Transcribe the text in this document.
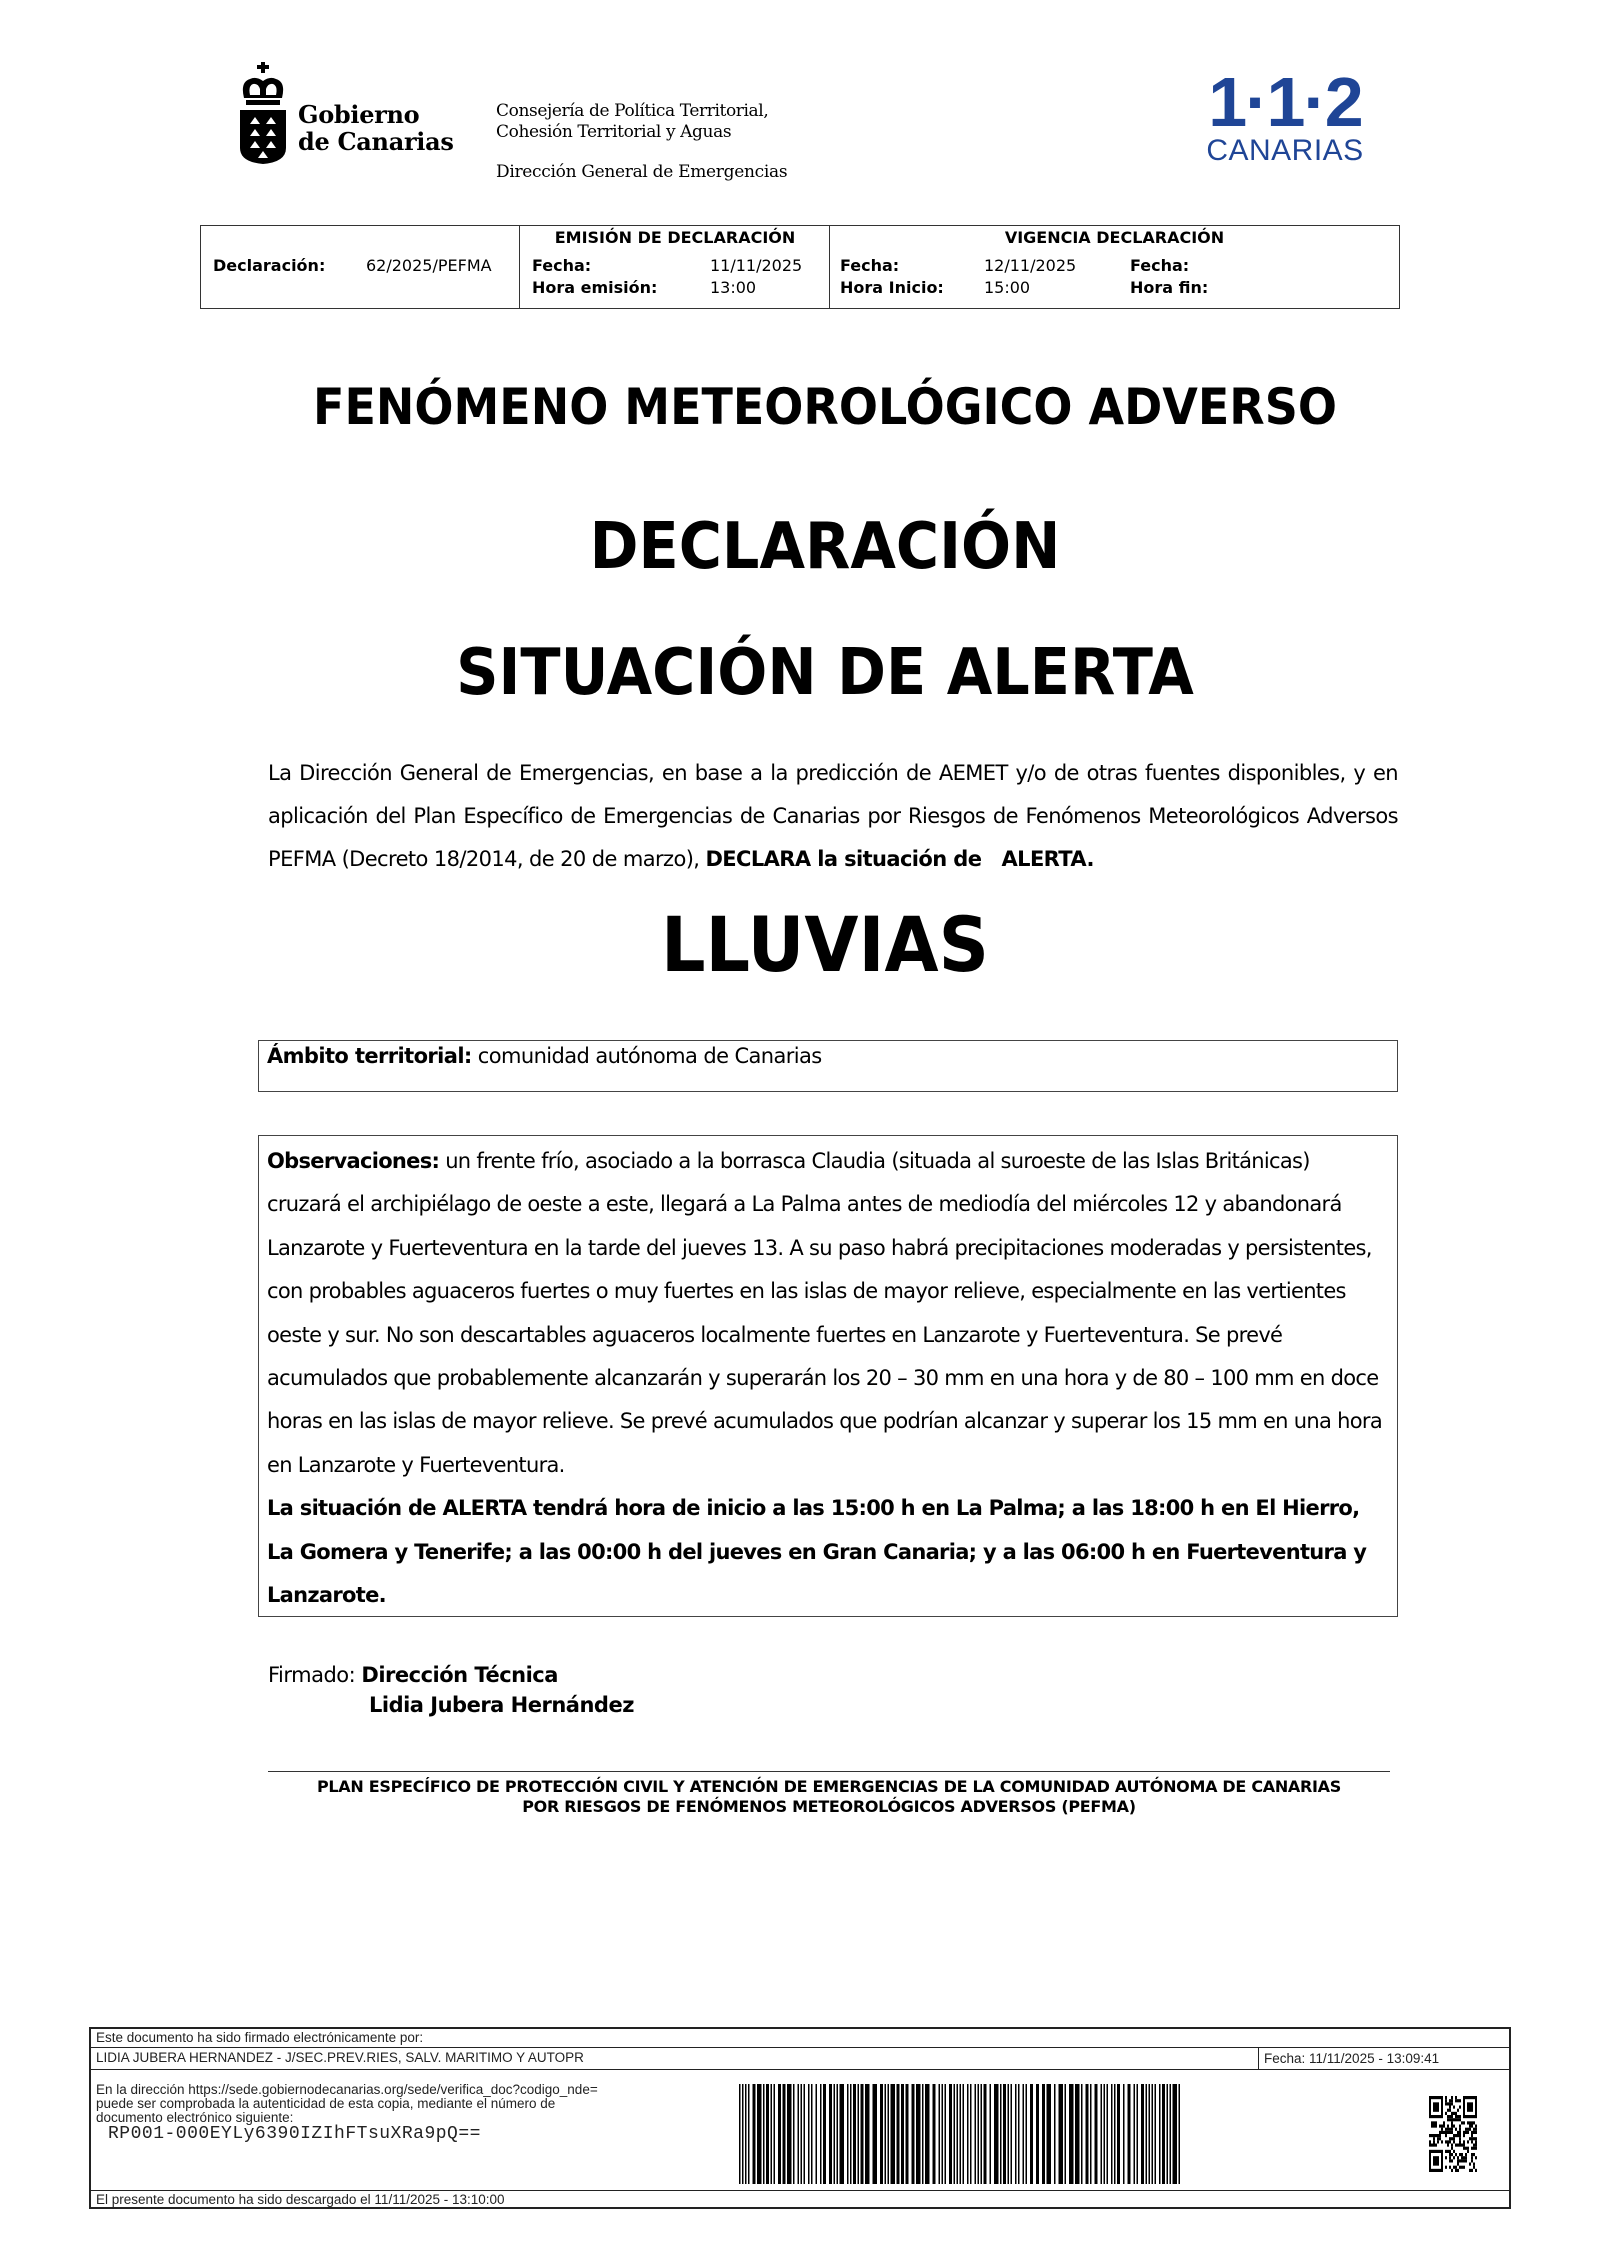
Gobierno
de Canarias
Consejería de Política Territorial,
Cohesión Territorial y Aguas
Dirección General de Emergencias
1·1·2
CANARIAS
Declaración:	62/2025/PEFMA
EMISIÓN DE DECLARACIÓN
Fecha:	11/11/2025
Hora emisión:	13:00
VIGENCIA DECLARACIÓN
Fecha:	12/11/2025
Hora Inicio:	15:00
Fecha:
Hora fin:
FENÓMENO METEOROLÓGICO ADVERSO
DECLARACIÓN
SITUACIÓN DE ALERTA
La Dirección General de Emergencias, en base a la predicción de AEMET y/o de otras fuentes disponibles, y en aplicación del Plan Específico de Emergencias de Canarias por Riesgos de Fenómenos Meteorológicos Adversos PEFMA (Decreto 18/2014, de 20 de marzo), DECLARA la situación de   ALERTA.
LLUVIAS
Ámbito territorial: comunidad autónoma de Canarias
Observaciones: un frente frío, asociado a la borrasca Claudia (situada al suroeste de las Islas Británicas) cruzará el archipiélago de oeste a este, llegará a La Palma antes de mediodía del miércoles 12 y abandonará Lanzarote y Fuerteventura en la tarde del jueves 13. A su paso habrá precipitaciones moderadas y persistentes, con probables aguaceros fuertes o muy fuertes en las islas de mayor relieve, especialmente en las vertientes oeste y sur. No son descartables aguaceros localmente fuertes en Lanzarote y Fuerteventura. Se prevé acumulados que probablemente alcanzarán y superarán los 20 – 30 mm en una hora y de 80 – 100 mm en doce horas en las islas de mayor relieve. Se prevé acumulados que podrían alcanzar y superar los 15 mm en una hora en Lanzarote y Fuerteventura.
La situación de ALERTA tendrá hora de inicio a las 15:00 h en La Palma; a las 18:00 h en El Hierro, La Gomera y Tenerife; a las 00:00 h del jueves en Gran Canaria; y a las 06:00 h en Fuerteventura y Lanzarote.
Firmado: Dirección Técnica
Lidia Jubera Hernández
PLAN ESPECÍFICO DE PROTECCIÓN CIVIL Y ATENCIÓN DE EMERGENCIAS DE LA COMUNIDAD AUTÓNOMA DE CANARIAS
POR RIESGOS DE FENÓMENOS METEOROLÓGICOS ADVERSOS (PEFMA)
Este documento ha sido firmado electrónicamente por:
LIDIA JUBERA HERNANDEZ - J/SEC.PREV.RIES, SALV. MARITIMO Y AUTOPR	Fecha: 11/11/2025 - 13:09:41
En la dirección https://sede.gobiernodecanarias.org/sede/verifica_doc?codigo_nde=
puede ser comprobada la autenticidad de esta copia, mediante el número de
documento electrónico siguiente:
RP001-000EYLy6390IZIhFTsuXRa9pQ==
El presente documento ha sido descargado el 11/11/2025 - 13:10:00
